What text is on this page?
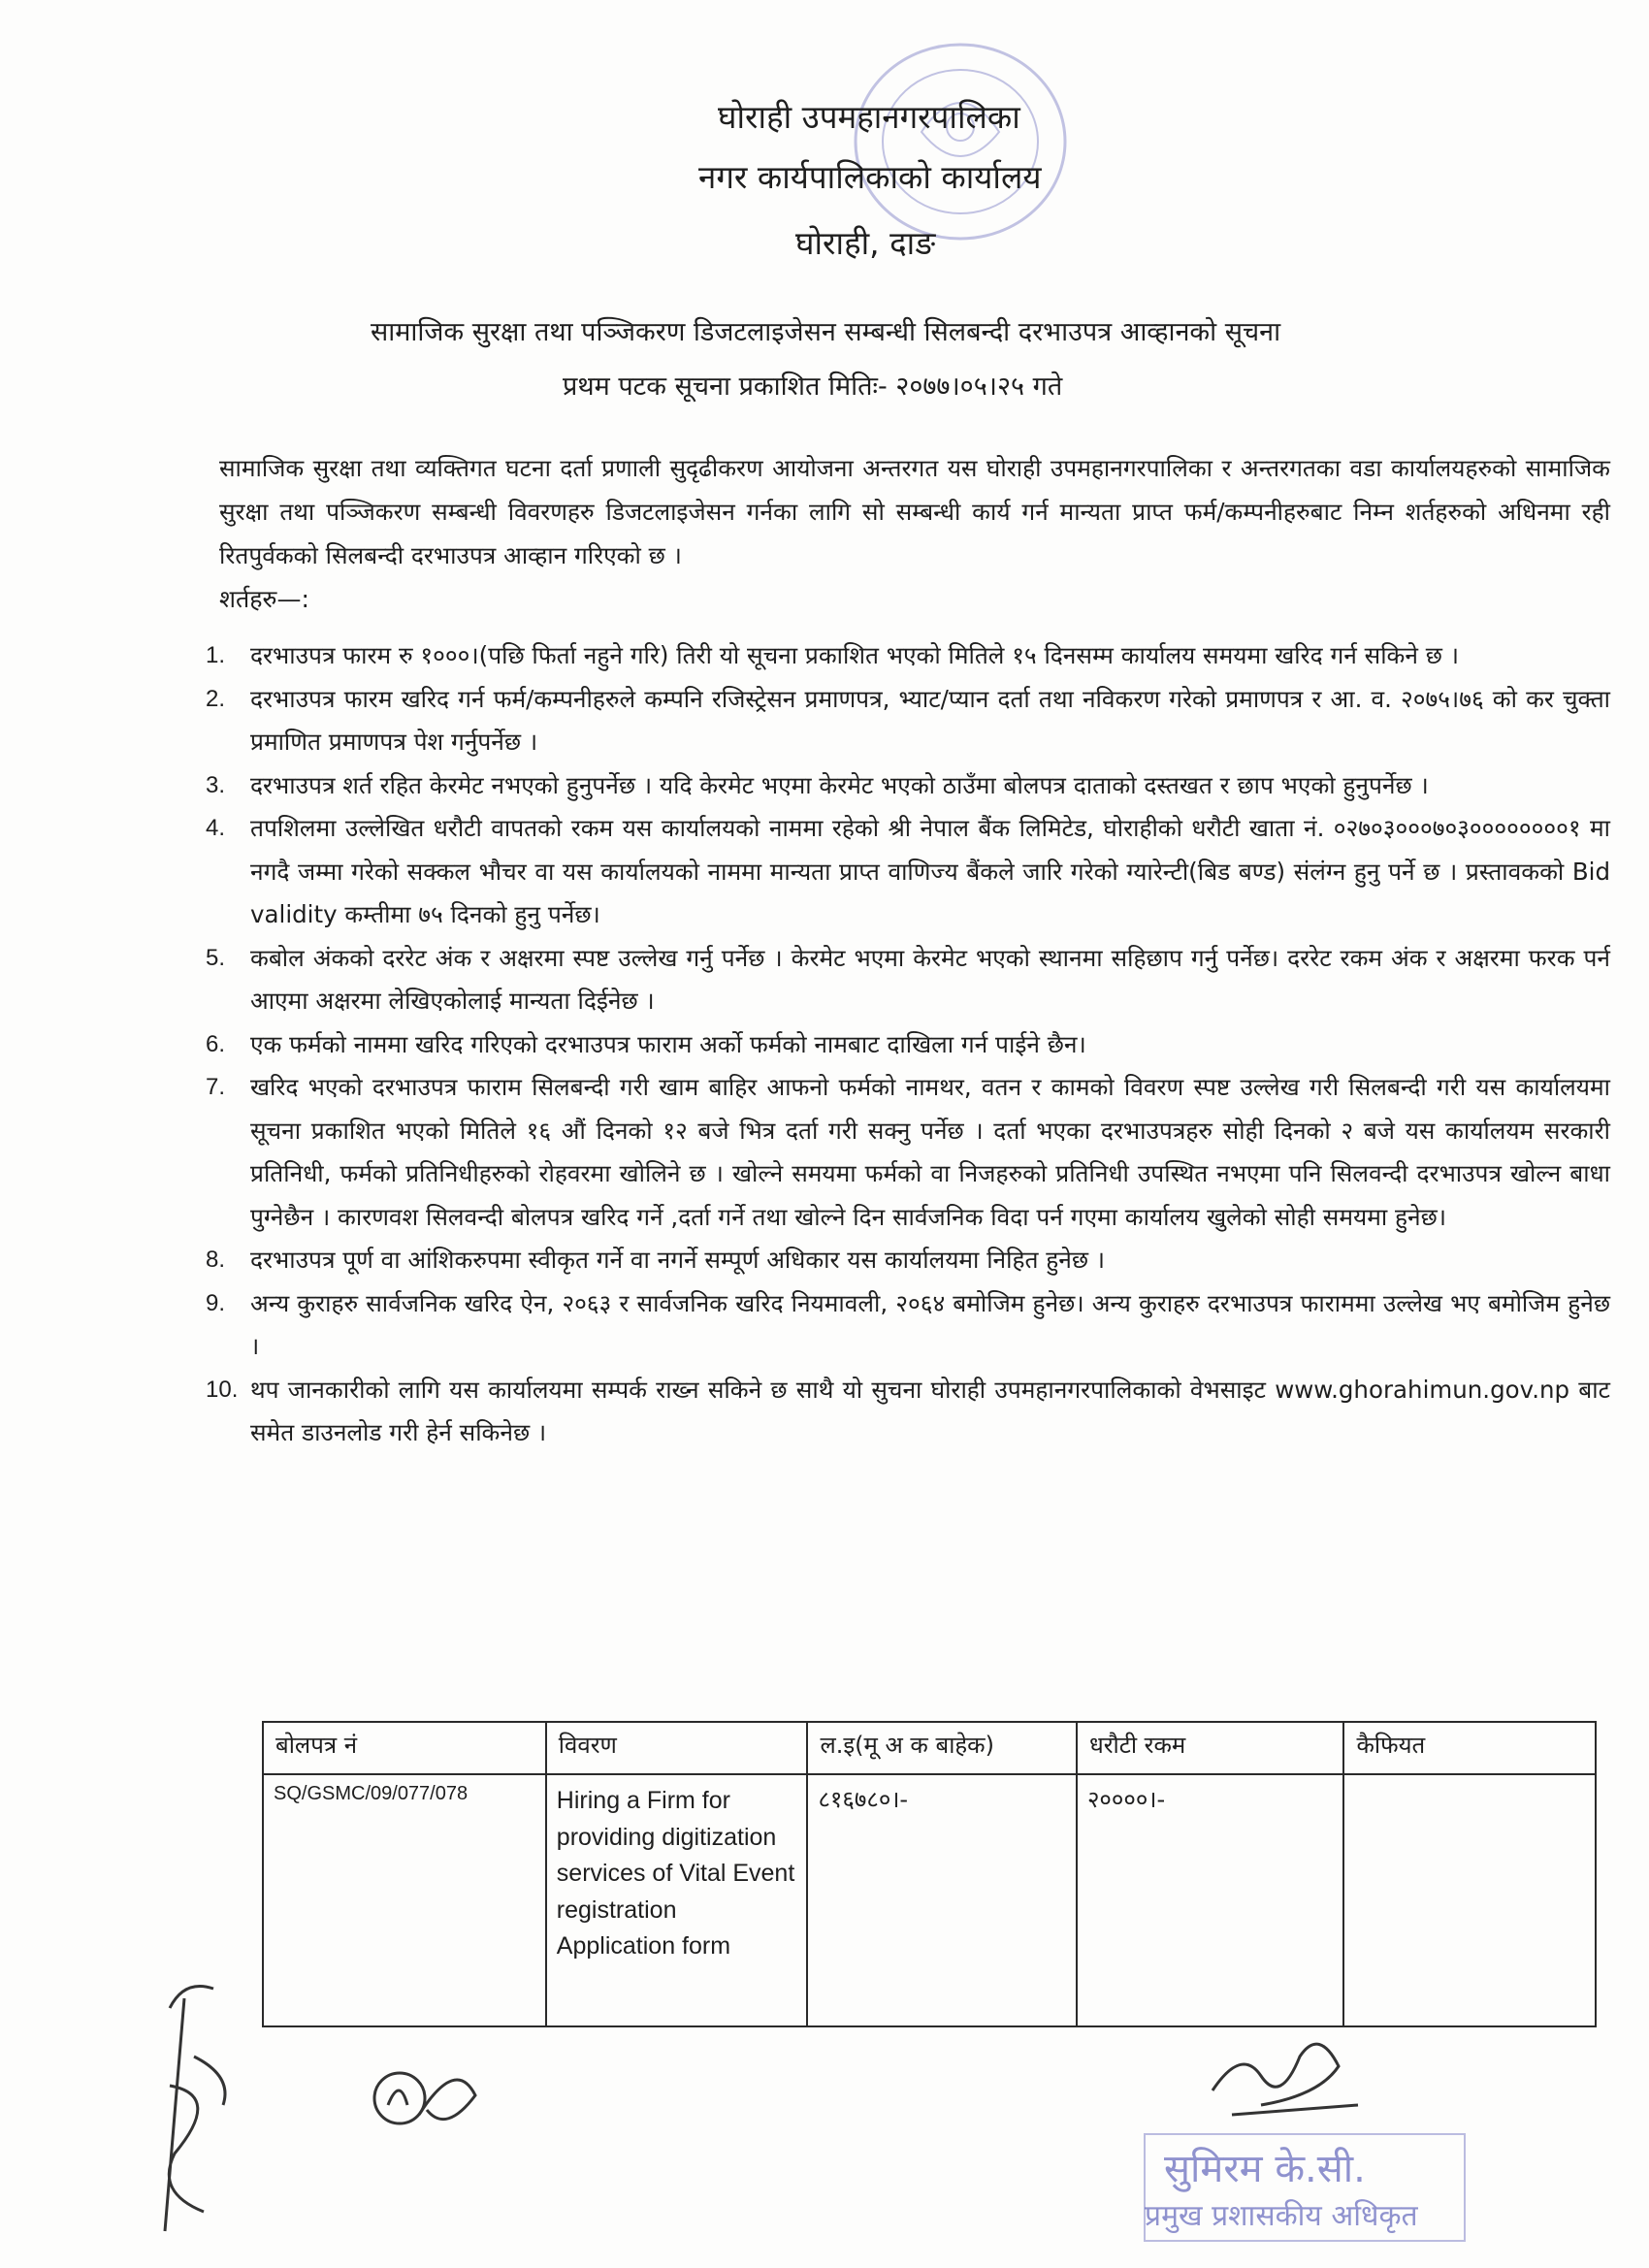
घोराही उपमहानगरपालिका
नगर कार्यपालिकाको कार्यालय
घोराही, दाङ
सामाजिक सुरक्षा तथा पञ्जिकरण डिजटलाइजेसन सम्बन्धी सिलबन्दी दरभाउपत्र आव्हानको सूचना
प्रथम पटक सूचना प्रकाशित मितिः- २०७७।०५।२५ गते
सामाजिक सुरक्षा तथा व्यक्तिगत घटना दर्ता प्रणाली सुदृढीकरण आयोजना अन्तरगत यस घोराही उपमहानगरपालिका र अन्तरगतका वडा कार्यालयहरुको सामाजिक सुरक्षा तथा पञ्जिकरण सम्बन्धी विवरणहरु डिजटलाइजेसन गर्नका लागि सो सम्बन्धी कार्य गर्न मान्यता प्राप्त फर्म/कम्पनीहरुबाट निम्न शर्तहरुको अधिनमा रही रितपुर्वकको सिलबन्दी दरभाउपत्र आव्हान गरिएको छ ।
शर्तहरु—:
1. दरभाउपत्र फारम रु १०००।(पछि फिर्ता नहुने गरि) तिरी यो सूचना प्रकाशित भएको मितिले १५ दिनसम्म कार्यालय समयमा खरिद गर्न सकिने छ ।
2. दरभाउपत्र फारम खरिद गर्न फर्म/कम्पनीहरुले कम्पनि रजिस्ट्रेसन प्रमाणपत्र, भ्याट/प्यान दर्ता तथा नविकरण गरेको प्रमाणपत्र र आ. व. २०७५।७६ को कर चुक्ता प्रमाणित प्रमाणपत्र पेश गर्नुपर्नेछ ।
3. दरभाउपत्र शर्त रहित केरमेट नभएको हुनुपर्नेछ । यदि केरमेट भएमा केरमेट भएको ठाउँमा बोलपत्र दाताको दस्तखत र छाप भएको हुनुपर्नेछ ।
4. तपशिलमा उल्लेखित धरौटी वापतको रकम यस कार्यालयको नाममा रहेको श्री नेपाल बैंक लिमिटेड, घोराहीको धरौटी खाता नं. ०२७०३०००७०३००००००००१ मा नगदै जम्मा गरेको सक्कल भौचर वा यस कार्यालयको नाममा मान्यता प्राप्त वाणिज्य बैंकले जारि गरेको ग्यारेन्टी(बिड बण्ड) संलंग्न हुनु पर्ने छ । प्रस्तावकको Bid validity कम्तीमा ७५ दिनको हुनु पर्नेछ।
5. कबोल अंकको दररेट अंक र अक्षरमा स्पष्ट उल्लेख गर्नु पर्नेछ । केरमेट भएमा केरमेट भएको स्थानमा सहिछाप गर्नु पर्नेछ। दररेट रकम अंक र अक्षरमा फरक पर्न आएमा अक्षरमा लेखिएकोलाई मान्यता दिईनेछ ।
6. एक फर्मको नाममा खरिद गरिएको दरभाउपत्र फाराम अर्को फर्मको नामबाट दाखिला गर्न पाईने छैन।
7. खरिद भएको दरभाउपत्र फाराम सिलबन्दी गरी खाम बाहिर आफनो फर्मको नामथर, वतन र कामको विवरण स्पष्ट उल्लेख गरी सिलबन्दी गरी यस कार्यालयमा सूचना प्रकाशित भएको मितिले १६ औं दिनको १२ बजे भित्र दर्ता गरी सक्नु पर्नेछ । दर्ता भएका दरभाउपत्रहरु सोही दिनको २ बजे यस कार्यालयम सरकारी प्रतिनिधी, फर्मको प्रतिनिधीहरुको रोहवरमा खोलिने छ । खोल्ने समयमा फर्मको वा निजहरुको प्रतिनिधी उपस्थित नभएमा पनि सिलवन्दी दरभाउपत्र खोल्न बाधा पुग्नेछैन । कारणवश सिलवन्दी बोलपत्र खरिद गर्ने ,दर्ता गर्ने तथा खोल्ने दिन सार्वजनिक विदा पर्न गएमा कार्यालय खुलेको सोही समयमा हुनेछ।
8. दरभाउपत्र पूर्ण वा आंशिकरुपमा स्वीकृत गर्ने वा नगर्ने सम्पूर्ण अधिकार यस कार्यालयमा निहित हुनेछ ।
9. अन्य कुराहरु सार्वजनिक खरिद ऐन, २०६३ र सार्वजनिक खरिद नियमावली, २०६४ बमोजिम हुनेछ। अन्य कुराहरु दरभाउपत्र फाराममा उल्लेख भए बमोजिम हुनेछ ।
10. थप जानकारीको लागि यस कार्यालयमा सम्पर्क राख्न सकिने छ साथै यो सुचना घोराही उपमहानगरपालिकाको वेभसाइट www.ghorahimun.gov.np बाट समेत डाउनलोड गरी हेर्न सकिनेछ ।
बोलपत्र नं	विवरण	ल.इ(मू अ क बाहेक)	धरौटी रकम	कैफियत
SQ/GSMC/09/077/078	Hiring a Firm for providing digitization services of Vital Event registration Application form	८१६७८०।-	२००००।-	
सुमिरम के.सी.
प्रमुख प्रशासकीय अधिकृत
